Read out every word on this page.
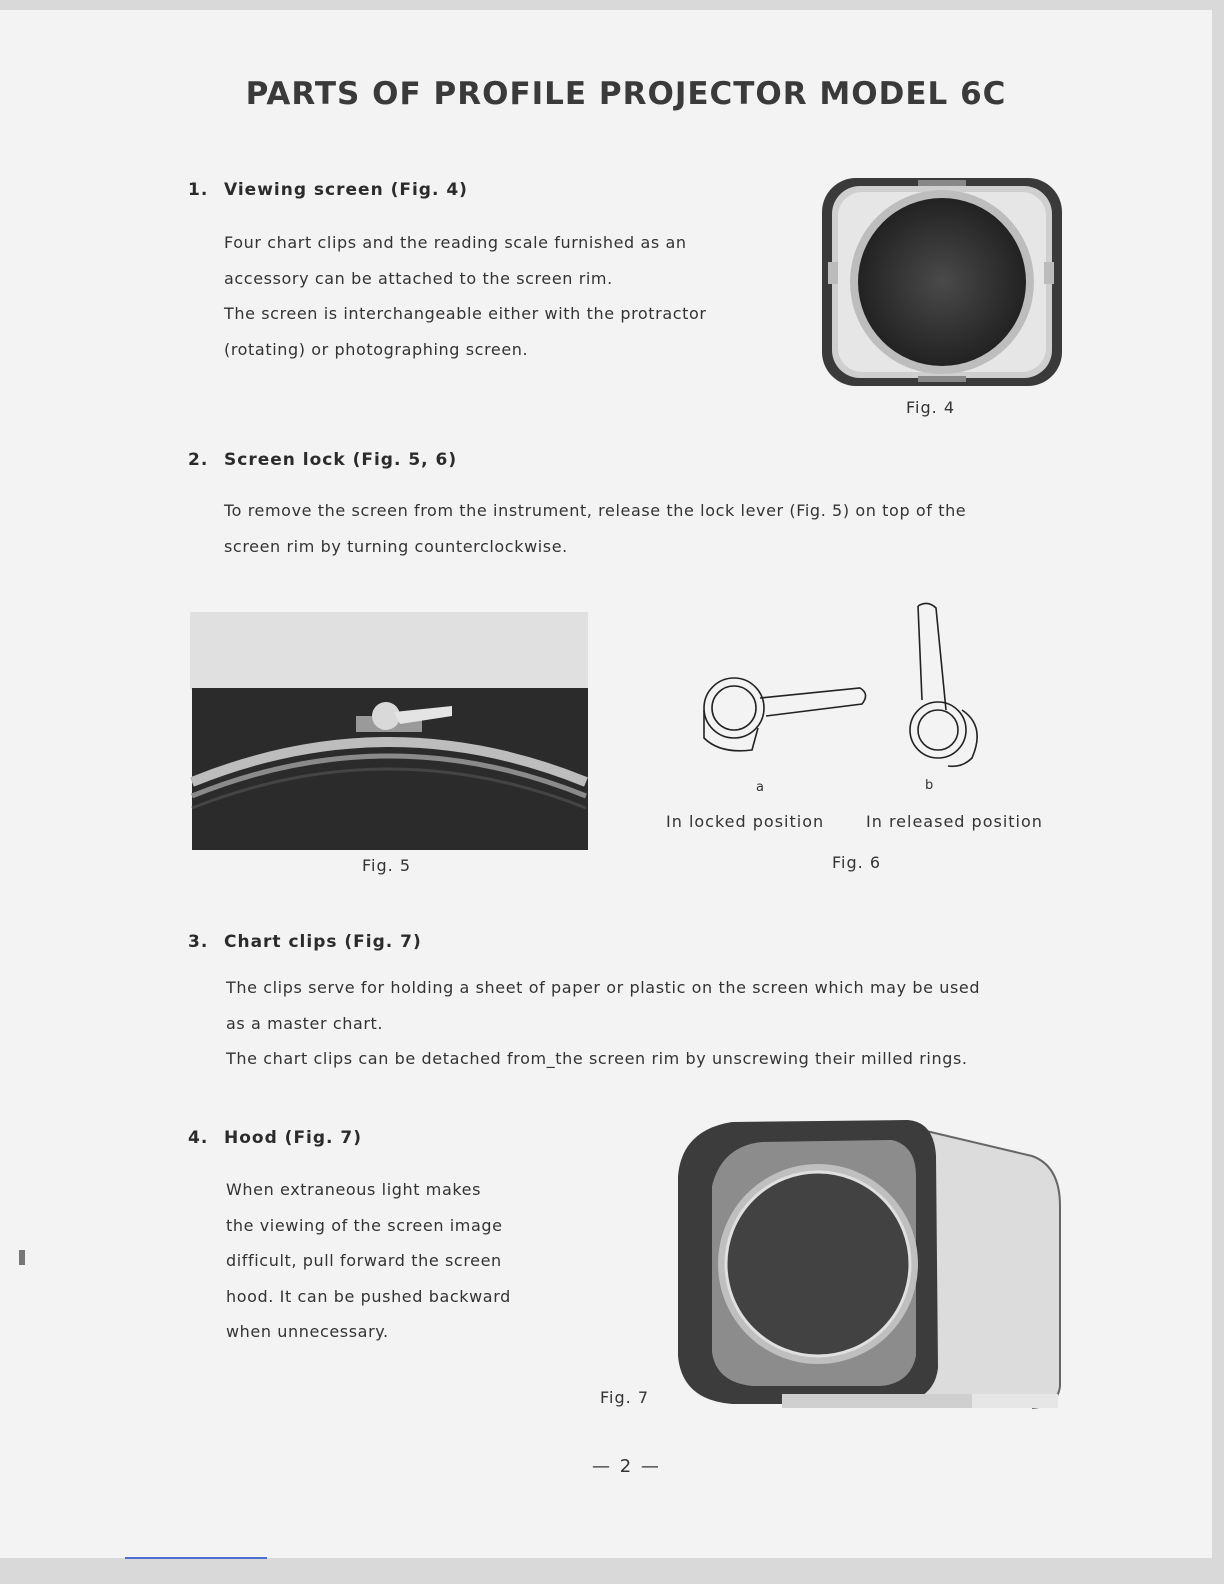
PARTS OF PROFILE PROJECTOR MODEL 6C
1. Viewing screen (Fig. 4)

Four chart clips and the reading scale furnished as an

accessory can be attached to the screen rim.

The screen is interchangeable either with the protractor

(rotating) or photographing screen.

Fig. 4
2. Screen lock (Fig. 5, 6)

To remove the screen from the instrument, release the lock lever (Fig. 5) on top of the

screen rim by turning counterclockwise.

Fig. 5
a	b
In locked position	In released position
Fig. 6
3. Chart clips (Fig. 7)

The clips serve for holding a sheet of paper or plastic on the screen which may be used

as a master chart.

The chart clips can be detached from_the screen rim by unscrewing their milled rings.

4. Hood (Fig. 7)

When extraneous light makes

the viewing of the screen image

difficult, pull forward the screen

hood. It can be pushed backward

when unnecessary.

Fig. 7
— 2 —
